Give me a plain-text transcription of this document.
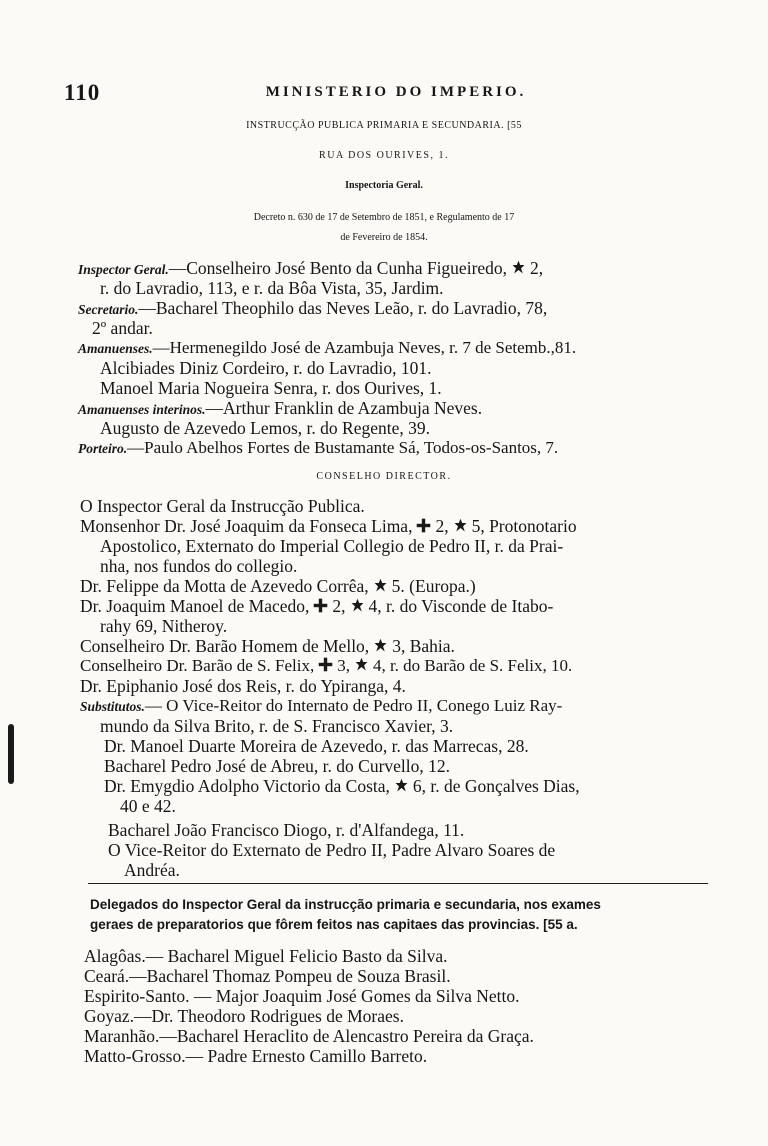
110	MINISTERIO DO IMPERIO.
INSTRUCÇÃO PUBLICA PRIMARIA E SECUNDARIA. [55
RUA DOS OURIVES, 1.
Inspectoria Geral.
Decreto n. 630 de 17 de Setembro de 1851, e Regulamento de 17
de Fevereiro de 1854.
Inspector Geral.—Conselheiro José Bento da Cunha Figueiredo, 2,
r. do Lavradio, 113, e r. da Bôa Vista, 35, Jardim.
Secretario.—Bacharel Theophilo das Neves Leão, r. do Lavradio, 78,
2º andar.
Amanuenses.—Hermenegildo José de Azambuja Neves, r. 7 de Setemb.,81.
Alcibiades Diniz Cordeiro, r. do Lavradio, 101.
Manoel Maria Nogueira Senra, r. dos Ourives, 1.
Amanuenses interinos.—Arthur Franklin de Azambuja Neves.
Augusto de Azevedo Lemos, r. do Regente, 39.
Porteiro.—Paulo Abelhos Fortes de Bustamante Sá, Todos-os-Santos, 7.
CONSELHO DIRECTOR.
O Inspector Geral da Instrucção Publica.
Monsenhor Dr. José Joaquim da Fonseca Lima, 2, 5, Protonotario
Apostolico, Externato do Imperial Collegio de Pedro II, r. da Prai-
nha, nos fundos do collegio.
Dr. Felippe da Motta de Azevedo Corrêa, 5. (Europa.)
Dr. Joaquim Manoel de Macedo, 2, 4, r. do Visconde de Itabo-
rahy 69, Nitheroy.
Conselheiro Dr. Barão Homem de Mello, 3, Bahia.
Conselheiro Dr. Barão de S. Felix, 3, 4, r. do Barão de S. Felix, 10.
Dr. Epiphanio José dos Reis, r. do Ypiranga, 4.
Substitutos.— O Vice-Reitor do Internato de Pedro II, Conego Luiz Ray-
mundo da Silva Brito, r. de S. Francisco Xavier, 3.
Dr. Manoel Duarte Moreira de Azevedo, r. das Marrecas, 28.
Bacharel Pedro José de Abreu, r. do Curvello, 12.
Dr. Emygdio Adolpho Victorio da Costa, 6, r. de Gonçalves Dias,
40 e 42.
Bacharel João Francisco Diogo, r. d'Alfandega, 11.
O Vice-Reitor do Externato de Pedro II, Padre Alvaro Soares de
Andréa.
Delegados do Inspector Geral da instrucção primaria e secundaria, nos exames
geraes de preparatorios que fôrem feitos nas capitaes das provincias. [55 a.
Alagôas.— Bacharel Miguel Felicio Basto da Silva.
Ceará.—Bacharel Thomaz Pompeu de Souza Brasil.
Espirito-Santo. — Major Joaquim José Gomes da Silva Netto.
Goyaz.—Dr. Theodoro Rodrigues de Moraes.
Maranhão.—Bacharel Heraclito de Alencastro Pereira da Graça.
Matto-Grosso.— Padre Ernesto Camillo Barreto.
